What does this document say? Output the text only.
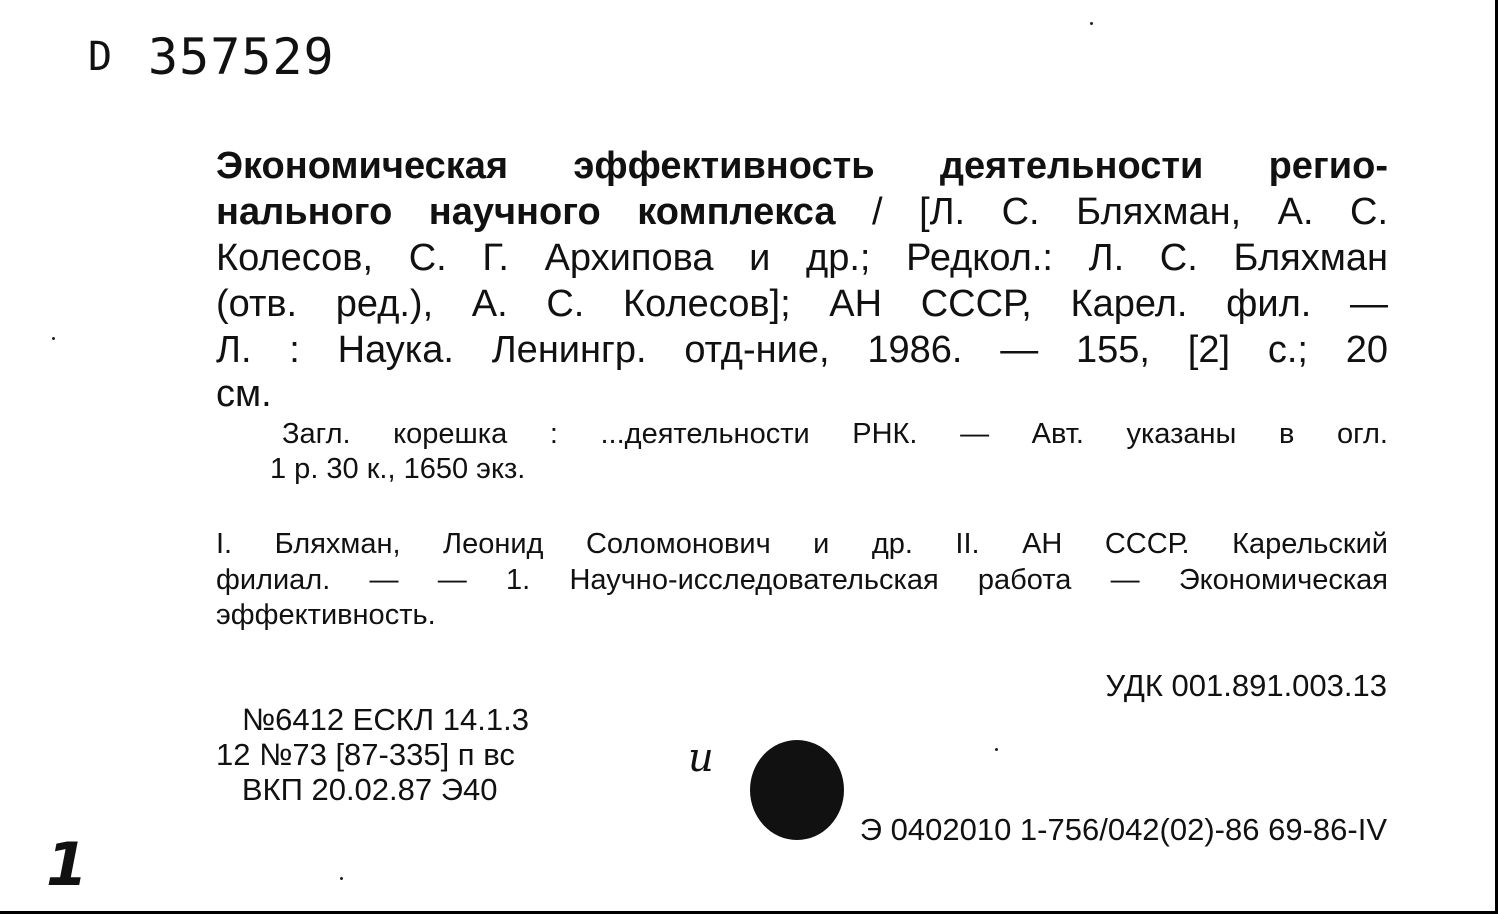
D 357529
Экономическая эффективность деятельности регио-
нального научного комплекса / [Л. С. Бляхман, А. С.
Колесов, С. Г. Архипова и др.; Редкол.: Л. С. Бляхман
(отв. ред.), А. С. Колесов]; АН СССР, Карел. фил. —
Л. : Наука. Ленингр. отд-ние, 1986. — 155, [2] с.; 20
см.
Загл. корешка : ...деятельности РНК. — Авт. указаны в огл.
1 р. 30 к., 1650 экз.
I. Бляхман, Леонид Соломонович и др. II. АН СССР. Карельский
филиал. — — 1. Научно-исследовательская работа — Экономическая
эффективность.
УДК 001.891.003.13
№6412 ЕСКЛ 14.1.3
12 №73 [87-335] п вс
ВКП 20.02.87 Э40
и
Э 0402010 1-756/042(02)-86 69-86-IV
1
